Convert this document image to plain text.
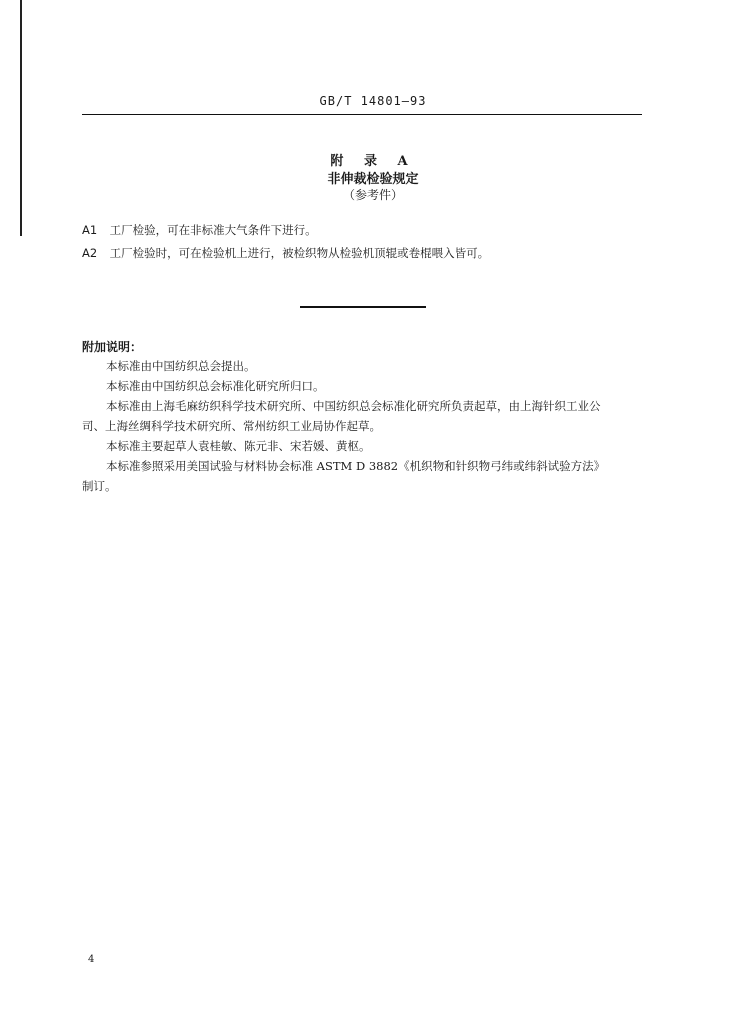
GB/T 14801—93
附 录 A
非伸裁检验规定
（参考件）
A1 工厂检验，可在非标准大气条件下进行。
A2 工厂检验时，可在检验机上进行，被检织物从检验机顶辊或卷棍喂入皆可。
附加说明：
本标准由中国纺织总会提出。
本标准由中国纺织总会标准化研究所归口。
本标准由上海毛麻纺织科学技术研究所、中国纺织总会标准化研究所负责起草，由上海针织工业公
司、上海丝绸科学技术研究所、常州纺织工业局协作起草。
本标准主要起草人袁桂敏、陈元非、宋若媛、黄枢。
本标准参照采用美国试验与材料协会标准 ASTM D 3882《机织物和针织物弓纬或纬斜试验方法》
制订。
4
